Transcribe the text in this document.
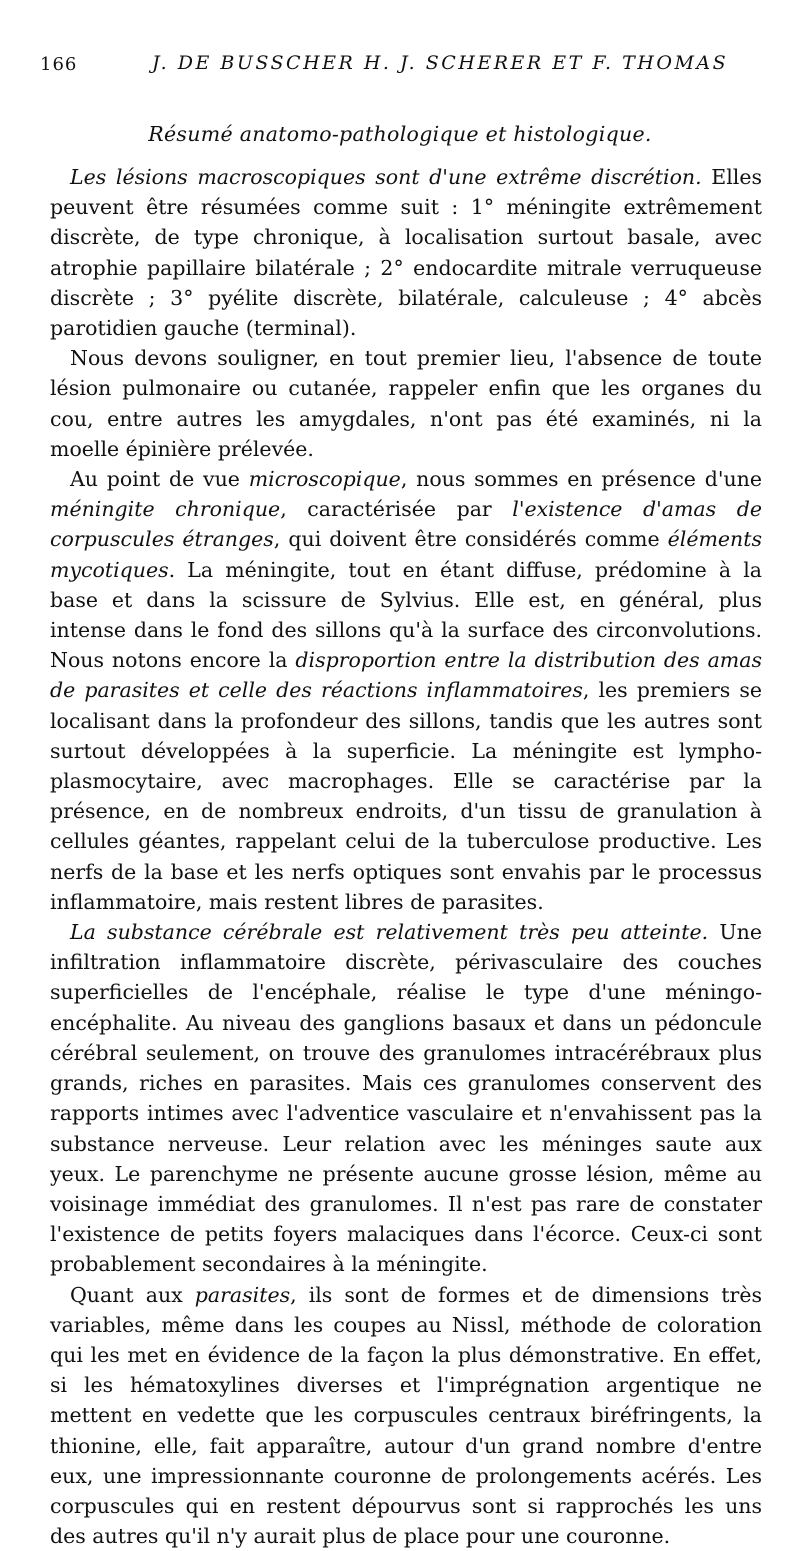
166	J. DE BUSSCHER H. J. SCHERER ET F. THOMAS
Résumé anatomo-pathologique et histologique.

Les lésions macroscopiques sont d'une extrême discrétion. Elles peuvent être résumées comme suit : 1° méningite extrêmement discrète, de type chronique, à localisation surtout basale, avec atrophie papillaire bilatérale ; 2° endocardite mitrale verruqueuse discrète ; 3° pyélite discrète, bilatérale, calculeuse ; 4° abcès parotidien gauche (terminal).

Nous devons souligner, en tout premier lieu, l'absence de toute lésion pulmonaire ou cutanée, rappeler enfin que les organes du cou, entre autres les amygdales, n'ont pas été examinés, ni la moelle épinière prélevée.

Au point de vue microscopique, nous sommes en présence d'une méningite chronique, caractérisée par l'existence d'amas de corpuscules étranges, qui doivent être considérés comme éléments mycotiques. La méningite, tout en étant diffuse, prédomine à la base et dans la scissure de Sylvius. Elle est, en général, plus intense dans le fond des sillons qu'à la surface des circonvolutions. Nous notons encore la disproportion entre la distribution des amas de parasites et celle des réactions inflammatoires, les premiers se localisant dans la profondeur des sillons, tandis que les autres sont surtout développées à la superficie. La méningite est lympho-plasmocytaire, avec macrophages. Elle se caractérise par la présence, en de nombreux endroits, d'un tissu de granulation à cellules géantes, rappelant celui de la tuberculose productive. Les nerfs de la base et les nerfs optiques sont envahis par le processus inflammatoire, mais restent libres de parasites.

La substance cérébrale est relativement très peu atteinte. Une infiltration inflammatoire discrète, périvasculaire des couches superficielles de l'encéphale, réalise le type d'une méningo-encéphalite. Au niveau des ganglions basaux et dans un pédoncule cérébral seulement, on trouve des granulomes intracérébraux plus grands, riches en parasites. Mais ces granulomes conservent des rapports intimes avec l'adventice vasculaire et n'envahissent pas la substance nerveuse. Leur relation avec les méninges saute aux yeux. Le parenchyme ne présente aucune grosse lésion, même au voisinage immédiat des granulomes. Il n'est pas rare de constater l'existence de petits foyers malaciques dans l'écorce. Ceux-ci sont probablement secondaires à la méningite.

Quant aux parasites, ils sont de formes et de dimensions très variables, même dans les coupes au Nissl, méthode de coloration qui les met en évidence de la façon la plus démonstrative. En effet, si les hématoxylines diverses et l'imprégnation argentique ne mettent en vedette que les corpuscules centraux biréfringents, la thionine, elle, fait apparaître, autour d'un grand nombre d'entre eux, une impressionnante couronne de prolongements acérés. Les corpuscules qui en restent dépourvus sont si rapprochés les uns des autres qu'il n'y aurait plus de place pour une couronne.
